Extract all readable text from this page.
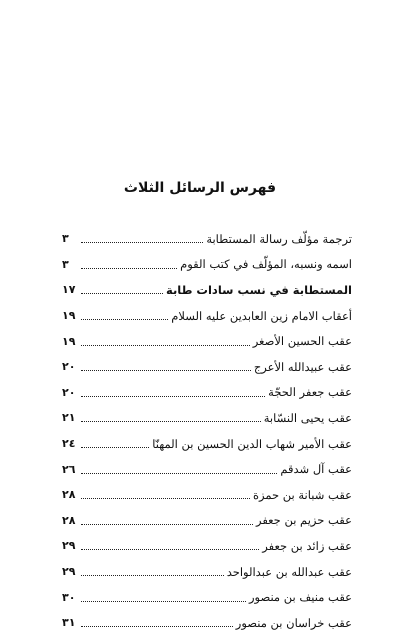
فهرس الرسائل الثلاث
ترجمة مؤلّف رسالة المستطابة
٣
اسمه ونسبه، المؤلّف في كتب القوم
٣
المستطابة في نسب سادات طابة
١٧
أعقاب الامام زين العابدين عليه السلام
١٩
عقب الحسين الأصغر
١٩
عقب عبيدالله الأعرج
٢٠
عقب جعفر الحجّة
٢٠
عقب يحيى النسّابة
٢١
عقب الأمير شهاب الدين الحسين بن المهنّا
٢٤
عقب آل شدقم
٢٦
عقب شبانة بن حمزة
٢٨
عقب حزيم بن جعفر
٢٨
عقب زائد بن جعفر
٢٩
عقب عبدالله بن عبدالواحد
٢٩
عقب منيف بن منصور
٣٠
عقب خراسان بن منصور
٣١
